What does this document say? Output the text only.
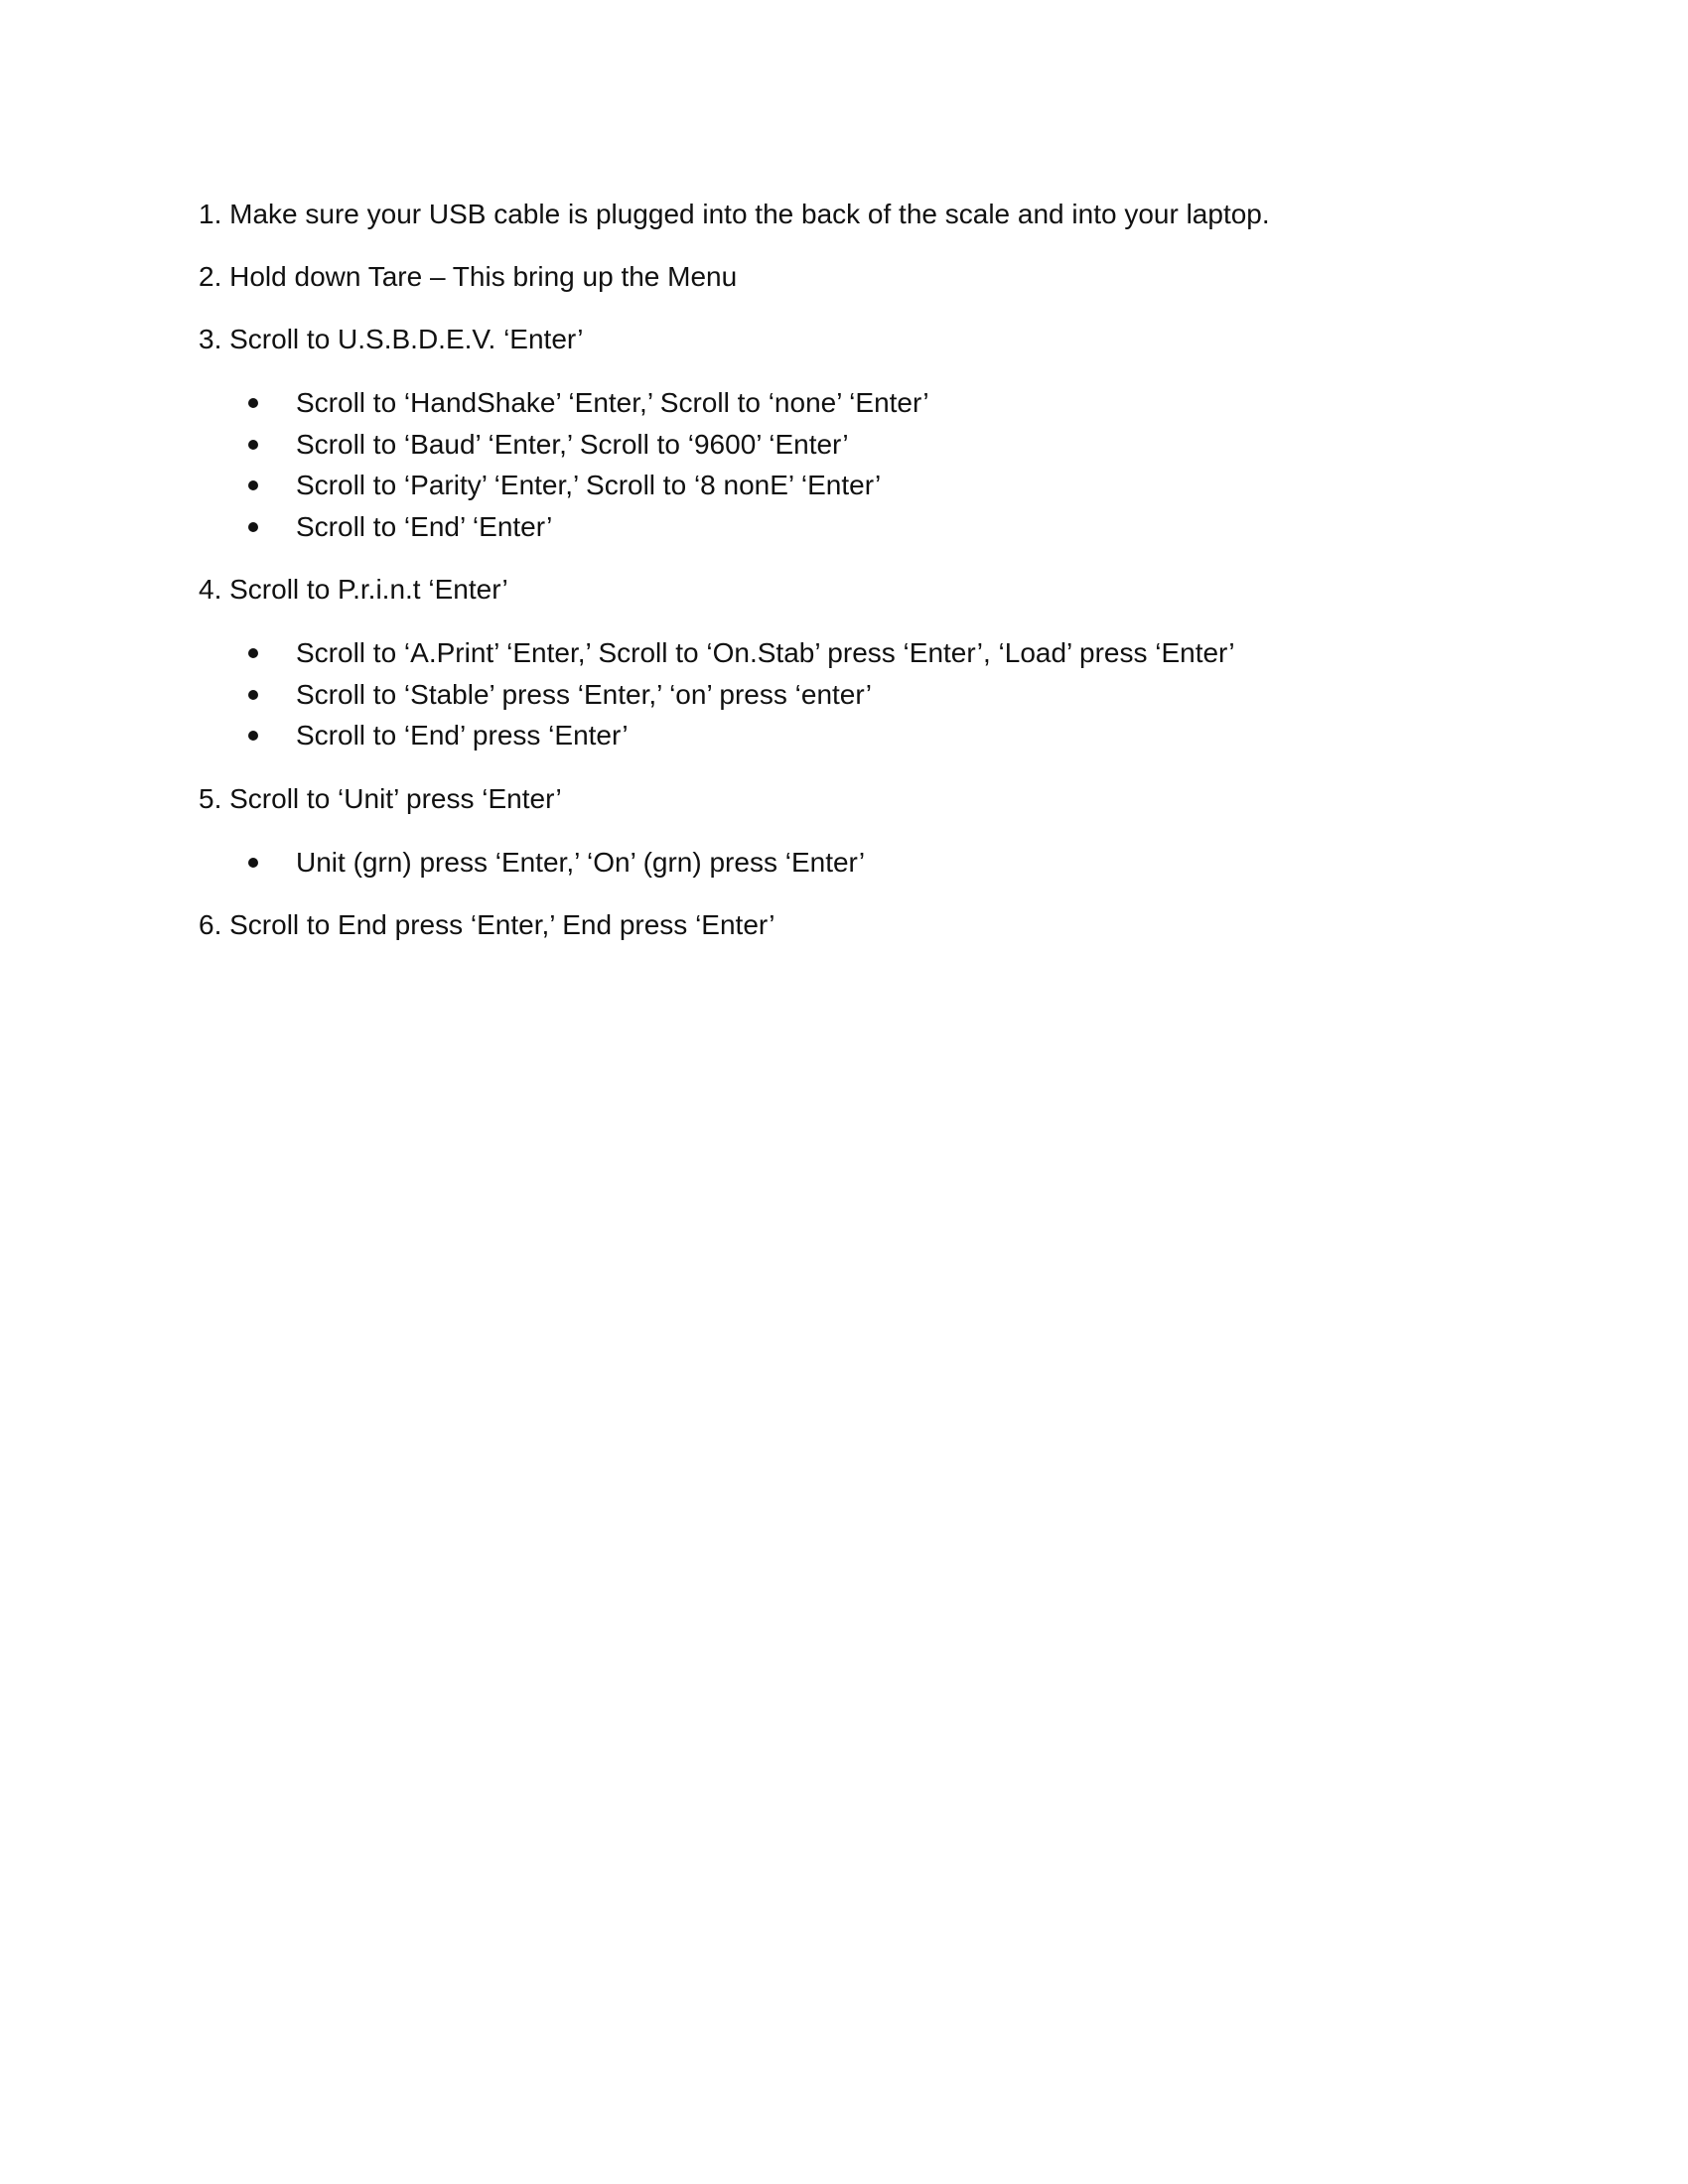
1. Make sure your USB cable is plugged into the back of the scale and into your laptop.

2. Hold down Tare – This bring up the Menu

3. Scroll to U.S.B.D.E.V. ‘Enter’

Scroll to ‘HandShake’ ‘Enter,’ Scroll to ‘none’ ‘Enter’
Scroll to ‘Baud’ ‘Enter,’ Scroll to ‘9600’ ‘Enter’
Scroll to ‘Parity’ ‘Enter,’ Scroll to ‘8 nonE’ ‘Enter’
Scroll to ‘End’ ‘Enter’

4. Scroll to P.r.i.n.t ‘Enter’

Scroll to ‘A.Print’ ‘Enter,’ Scroll to ‘On.Stab’ press ‘Enter’, ‘Load’ press ‘Enter’
Scroll to ‘Stable’ press ‘Enter,’ ‘on’ press ‘enter’
Scroll to ‘End’ press ‘Enter’

5. Scroll to ‘Unit’ press ‘Enter’

Unit (grn) press ‘Enter,’ ‘On’ (grn) press ‘Enter’

6. Scroll to End press ‘Enter,’ End press ‘Enter’
